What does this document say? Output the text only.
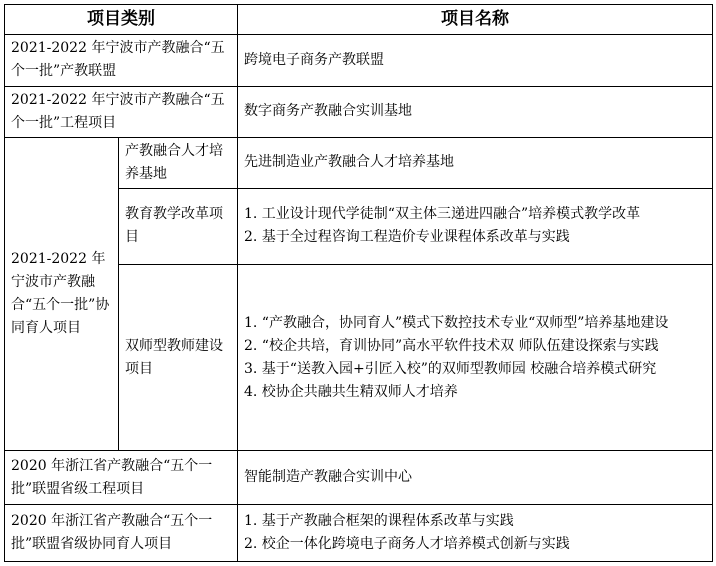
项目类别		项目名称
2021-2022 年宁波市产教融合“五个一批”产教联盟		跨境电子商务产教联盟
2021-2022 年宁波市产教融合“五个一批”工程项目		数字商务产教融合实训基地
2021-2022 年宁波市产教融合“五个一批”协同育人项目	产教融合人才培养基地	先进制造业产教融合人才培养基地

	教育教学改革项目	1. 工业设计现代学徒制“双主体三递进四融合”培养模式教学改革
2. 基于全过程咨询工程造价专业课程体系改革与实践

	双师型教师建设项目	1. “产教融合，协同育人”模式下数控技术专业“双师型”培养基地建设
2. “校企共培，育训协同”高水平软件技术双 师队伍建设探索与实践
3. 基于“送教入园+引匠入校”的双师型教师园 校融合培养模式研究
4. 校协企共融共生精双师人才培养

2020 年浙江省产教融合“五个一批”联盟省级工程项目		智能制造产教融合实训中心
2020 年浙江省产教融合“五个一批”联盟省级协同育人项目		1. 基于产教融合框架的课程体系改革与实践
2. 校企一体化跨境电子商务人才培养模式创新与实践
